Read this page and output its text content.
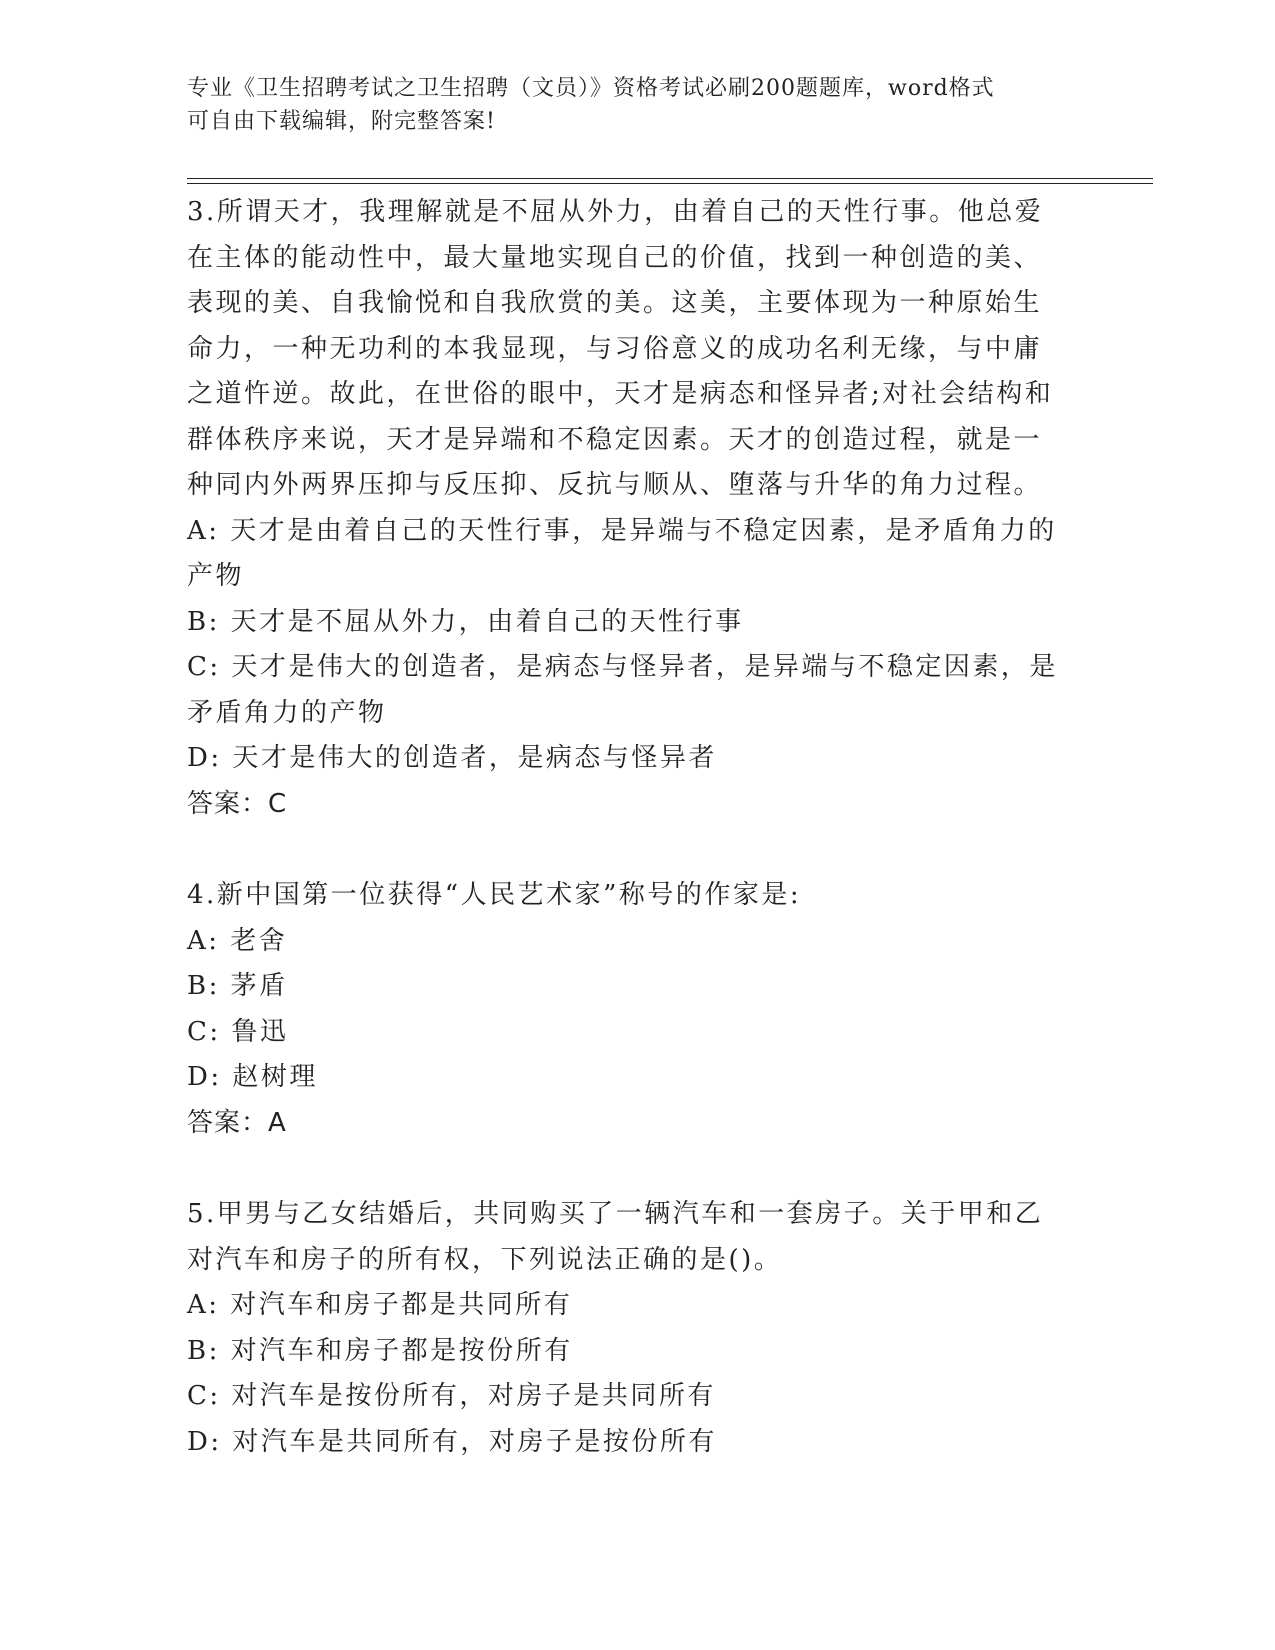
专业《卫生招聘考试之卫生招聘（文员）》资格考试必刷200题题库，word格式
可自由下载编辑，附完整答案!
3.所谓天才，我理解就是不屈从外力，由着自己的天性行事。他总爱
在主体的能动性中，最大量地实现自己的价值，找到一种创造的美、
表现的美、自我愉悦和自我欣赏的美。这美，主要体现为一种原始生
命力，一种无功利的本我显现，与习俗意义的成功名利无缘，与中庸
之道忤逆。故此，在世俗的眼中，天才是病态和怪异者;对社会结构和
群体秩序来说，天才是异端和不稳定因素。天才的创造过程，就是一
种同内外两界压抑与反压抑、反抗与顺从、堕落与升华的角力过程。
A: 天才是由着自己的天性行事，是异端与不稳定因素，是矛盾角力的
产物
B: 天才是不屈从外力，由着自己的天性行事
C: 天才是伟大的创造者，是病态与怪异者，是异端与不稳定因素，是
矛盾角力的产物
D: 天才是伟大的创造者，是病态与怪异者
答案：C
4.新中国第一位获得“人民艺术家”称号的作家是:
A: 老舍
B: 茅盾
C: 鲁迅
D: 赵树理
答案：A
5.甲男与乙女结婚后，共同购买了一辆汽车和一套房子。关于甲和乙
对汽车和房子的所有权，下列说法正确的是()。
A: 对汽车和房子都是共同所有
B: 对汽车和房子都是按份所有
C: 对汽车是按份所有，对房子是共同所有
D: 对汽车是共同所有，对房子是按份所有
